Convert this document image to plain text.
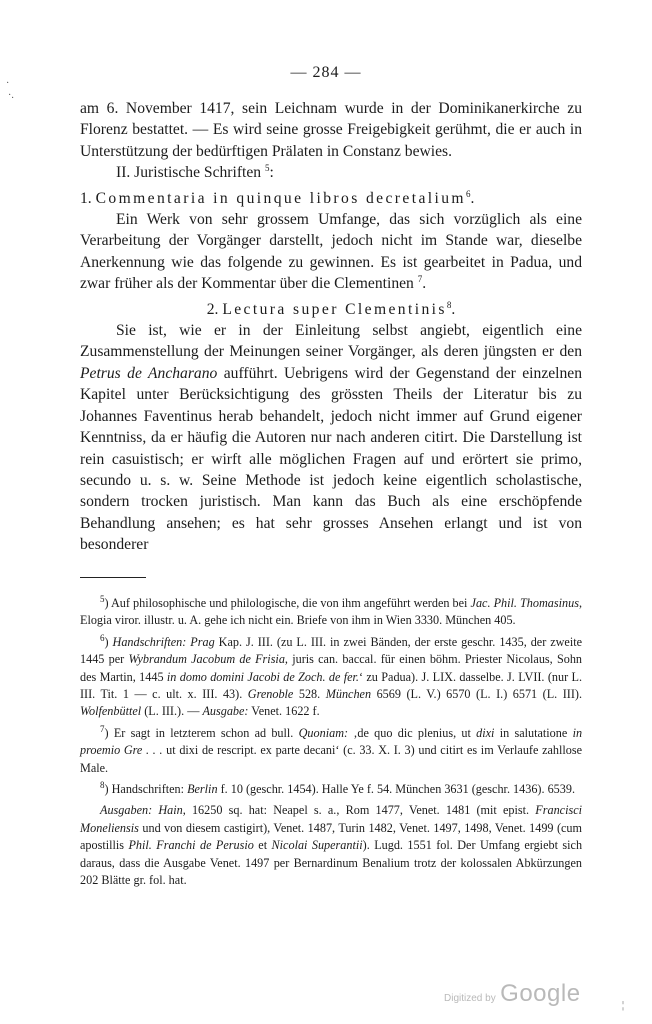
·
·.
¦
— 284 —

am 6. November 1417, sein Leichnam wurde in der Dominikanerkirche zu Florenz bestattet. — Es wird seine grosse Freigebigkeit gerühmt, die er auch in Unterstützung der bedürftigen Prälaten in Constanz bewies.

II. Juristische Schriften $^5$:

1. Commentaria in quinque libros decretalium$^6$.

Ein Werk von sehr grossem Umfange, das sich vorzüglich als eine Verarbeitung der Vorgänger darstellt, jedoch nicht im Stande war, dieselbe Anerkennung wie das folgende zu gewinnen. Es ist gearbeitet in Padua, und zwar früher als der Kommentar über die Clementinen $^7$.

2. Lectura super Clementinis$^8$.

Sie ist, wie er in der Einleitung selbst angiebt, eigentlich eine Zusammenstellung der Meinungen seiner Vorgänger, als deren jüngsten er den Petrus de Ancharano aufführt. Uebrigens wird der Gegenstand der einzelnen Kapitel unter Berücksichtigung des grössten Theils der Literatur bis zu Johannes Faventinus herab behandelt, jedoch nicht immer auf Grund eigener Kenntniss, da er häufig die Autoren nur nach anderen citirt. Die Darstellung ist rein casuistisch; er wirft alle möglichen Fragen auf und erörtert sie primo, secundo u. s. w. Seine Methode ist jedoch keine eigentlich scholastische, sondern trocken juristisch. Man kann das Buch als eine erschöpfende Behandlung ansehen; es hat sehr grosses Ansehen erlangt und ist von besonderer

$^5$) Auf philosophische und philologische, die von ihm angeführt werden bei Jac. Phil. Thomasinus, Elogia viror. illustr. u. A. gehe ich nicht ein. Briefe von ihm in Wien 3330. München 405.

$^6$) Handschriften: Prag Kap. J. III. (zu L. III. in zwei Bänden, der erste geschr. 1435, der zweite 1445 per Wybrandum Jacobum de Frisia, juris can. baccal. für einen böhm. Priester Nicolaus, Sohn des Martin, 1445 in domo domini Jacobi de Zoch. de fer.‘ zu Padua). J. LIX. dasselbe. J. LVII. (nur L. III. Tit. 1 — c. ult. x. III. 43). Grenoble 528. München 6569 (L. V.) 6570 (L. I.) 6571 (L. III). Wolfenbüttel (L. III.). — Ausgabe: Venet. 1622 f.

$^7$) Er sagt in letzterem schon ad bull. Quoniam: ‚de quo dic plenius, ut dixi in salutatione in proemio Gre . . . ut dixi de rescript. ex parte decani‘ (c. 33. X. I. 3) und citirt es im Verlaufe zahllose Male.

$^8$) Handschriften: Berlin f. 10 (geschr. 1454). Halle Ye f. 54. München 3631 (geschr. 1436). 6539.

Ausgaben: Hain, 16250 sq. hat: Neapel s. a., Rom 1477, Venet. 1481 (mit epist. Francisci Moneliensis und von diesem castigirt), Venet. 1487, Turin 1482, Venet. 1497, 1498, Venet. 1499 (cum apostillis Phil. Franchi de Perusio et Nicolai Superantii). Lugd. 1551 fol. Der Umfang ergiebt sich daraus, dass die Ausgabe Venet. 1497 per Bernardinum Benalium trotz der kolossalen Abkürzungen 202 Blätte gr. fol. hat.

Digitized by Google
